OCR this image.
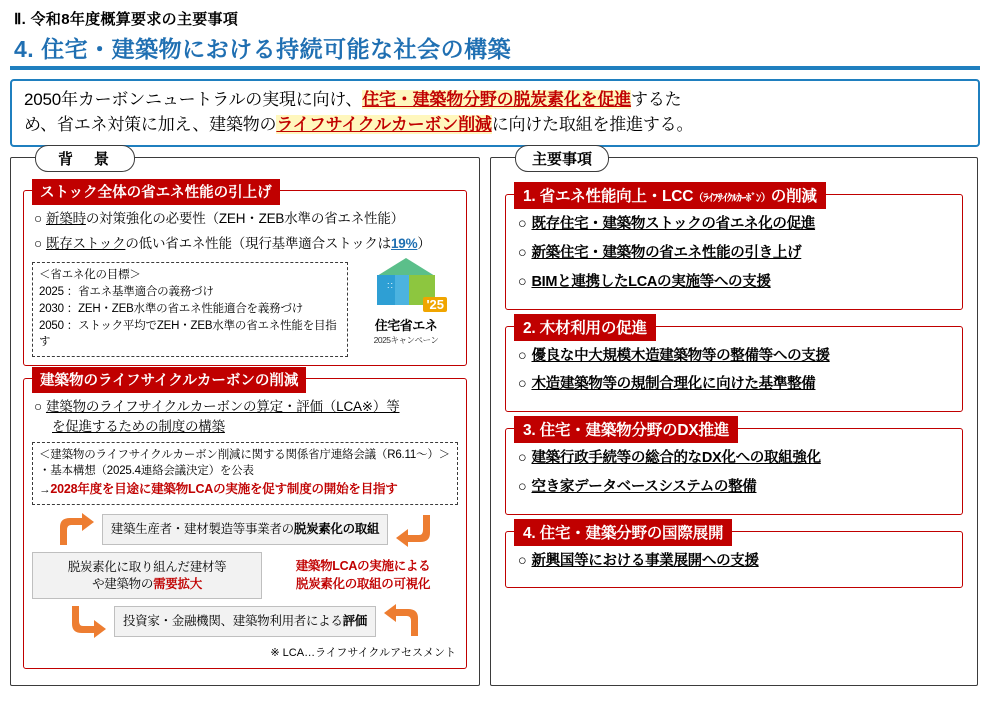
Ⅱ. 令和8年度概算要求の主要事項
4. 住宅・建築物における持続可能な社会の構築
2050年カーボンニュートラルの実現に向け、住宅・建築物分野の脱炭素化を促進するた
め、省エネ対策に加え、建築物のライフサイクルカーボン削減に向けた取組を推進する。
背　景
ストック全体の省エネ性能の引上げ
○ 新築時の対策強化の必要性（ZEH・ZEB水準の省エネ性能）
○ 既存ストックの低い省エネ性能（現行基準適合ストックは19%）
＜省エネ化の目標＞
2025 ：省エネ基準適合の義務づけ
2030 ：ZEH・ZEB水準の省エネ性能適合を義務づけ
2050 ：ストック平均でZEH・ZEB水準の省エネ性能を目指す
::
'25
住宅省エネ
2025キャンペーン
建築物のライフサイクルカーボンの削減
○ 建築物のライフサイクルカーボンの算定・評価（LCA※）等
を促進するための制度の構築
＜建築物のライフサイクルカーボン削減に関する関係省庁連絡会議（R6.11～）＞
・基本構想（2025.4連絡会議決定）を公表
→2028年度を目途に建築物LCAの実施を促す制度の開始を目指す
建築生産者・建材製造等事業者の脱炭素化の取組
脱炭素化に取り組んだ建材等
や建築物の需要拡大
建築物LCAの実施による
脱炭素化の取組の可視化
投資家・金融機関、建築物利用者による評価
※ LCA…ライフサイクルアセスメント
主要事項
1. 省エネ性能向上・LCC（ﾗｲﾌｻｲｸﾙｶｰﾎﾞﾝ）の削減
○ 既存住宅・建築物ストックの省エネ化の促進
○ 新築住宅・建築物の省エネ性能の引き上げ
○ BIMと連携したLCAの実施等への支援
2. 木材利用の促進
○ 優良な中大規模木造建築物等の整備等への支援
○ 木造建築物等の規制合理化に向けた基準整備
3. 住宅・建築物分野のDX推進
○ 建築行政手続等の総合的なDX化への取組強化
○ 空き家データベースシステムの整備
4. 住宅・建築分野の国際展開
○ 新興国等における事業展開への支援
